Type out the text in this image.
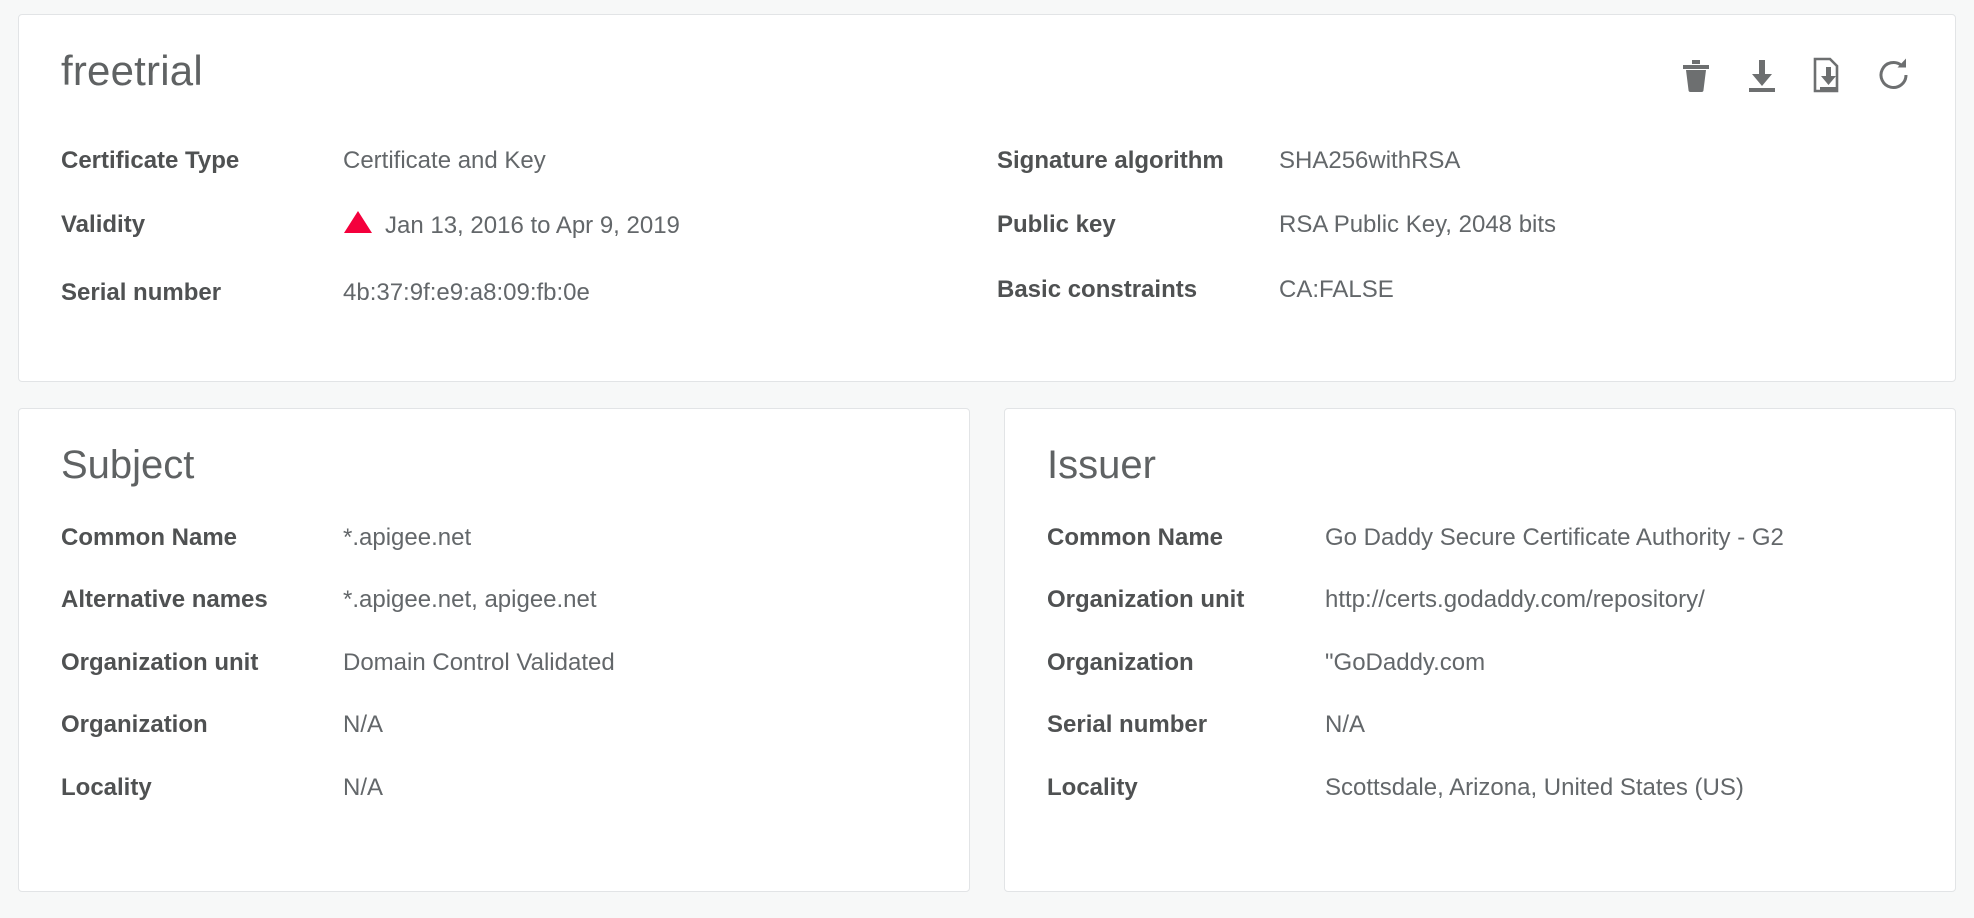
freetrial
Certificate Type	Certificate and Key
Validity	Jan 13, 2016 to Apr 9, 2019
Serial number	4b:37:9f:e9:a8:09:fb:0e
Signature algorithm	SHA256withRSA
Public key	RSA Public Key, 2048 bits
Basic constraints	CA:FALSE
Subject
Common Name	*.apigee.net
Alternative names	*.apigee.net, apigee.net
Organization unit	Domain Control Validated
Organization	N/A
Locality	N/A
Issuer
Common Name	Go Daddy Secure Certificate Authority - G2
Organization unit	http://certs.godaddy.com/repository/
Organization	"GoDaddy.com
Serial number	N/A
Locality	Scottsdale, Arizona, United States (US)
